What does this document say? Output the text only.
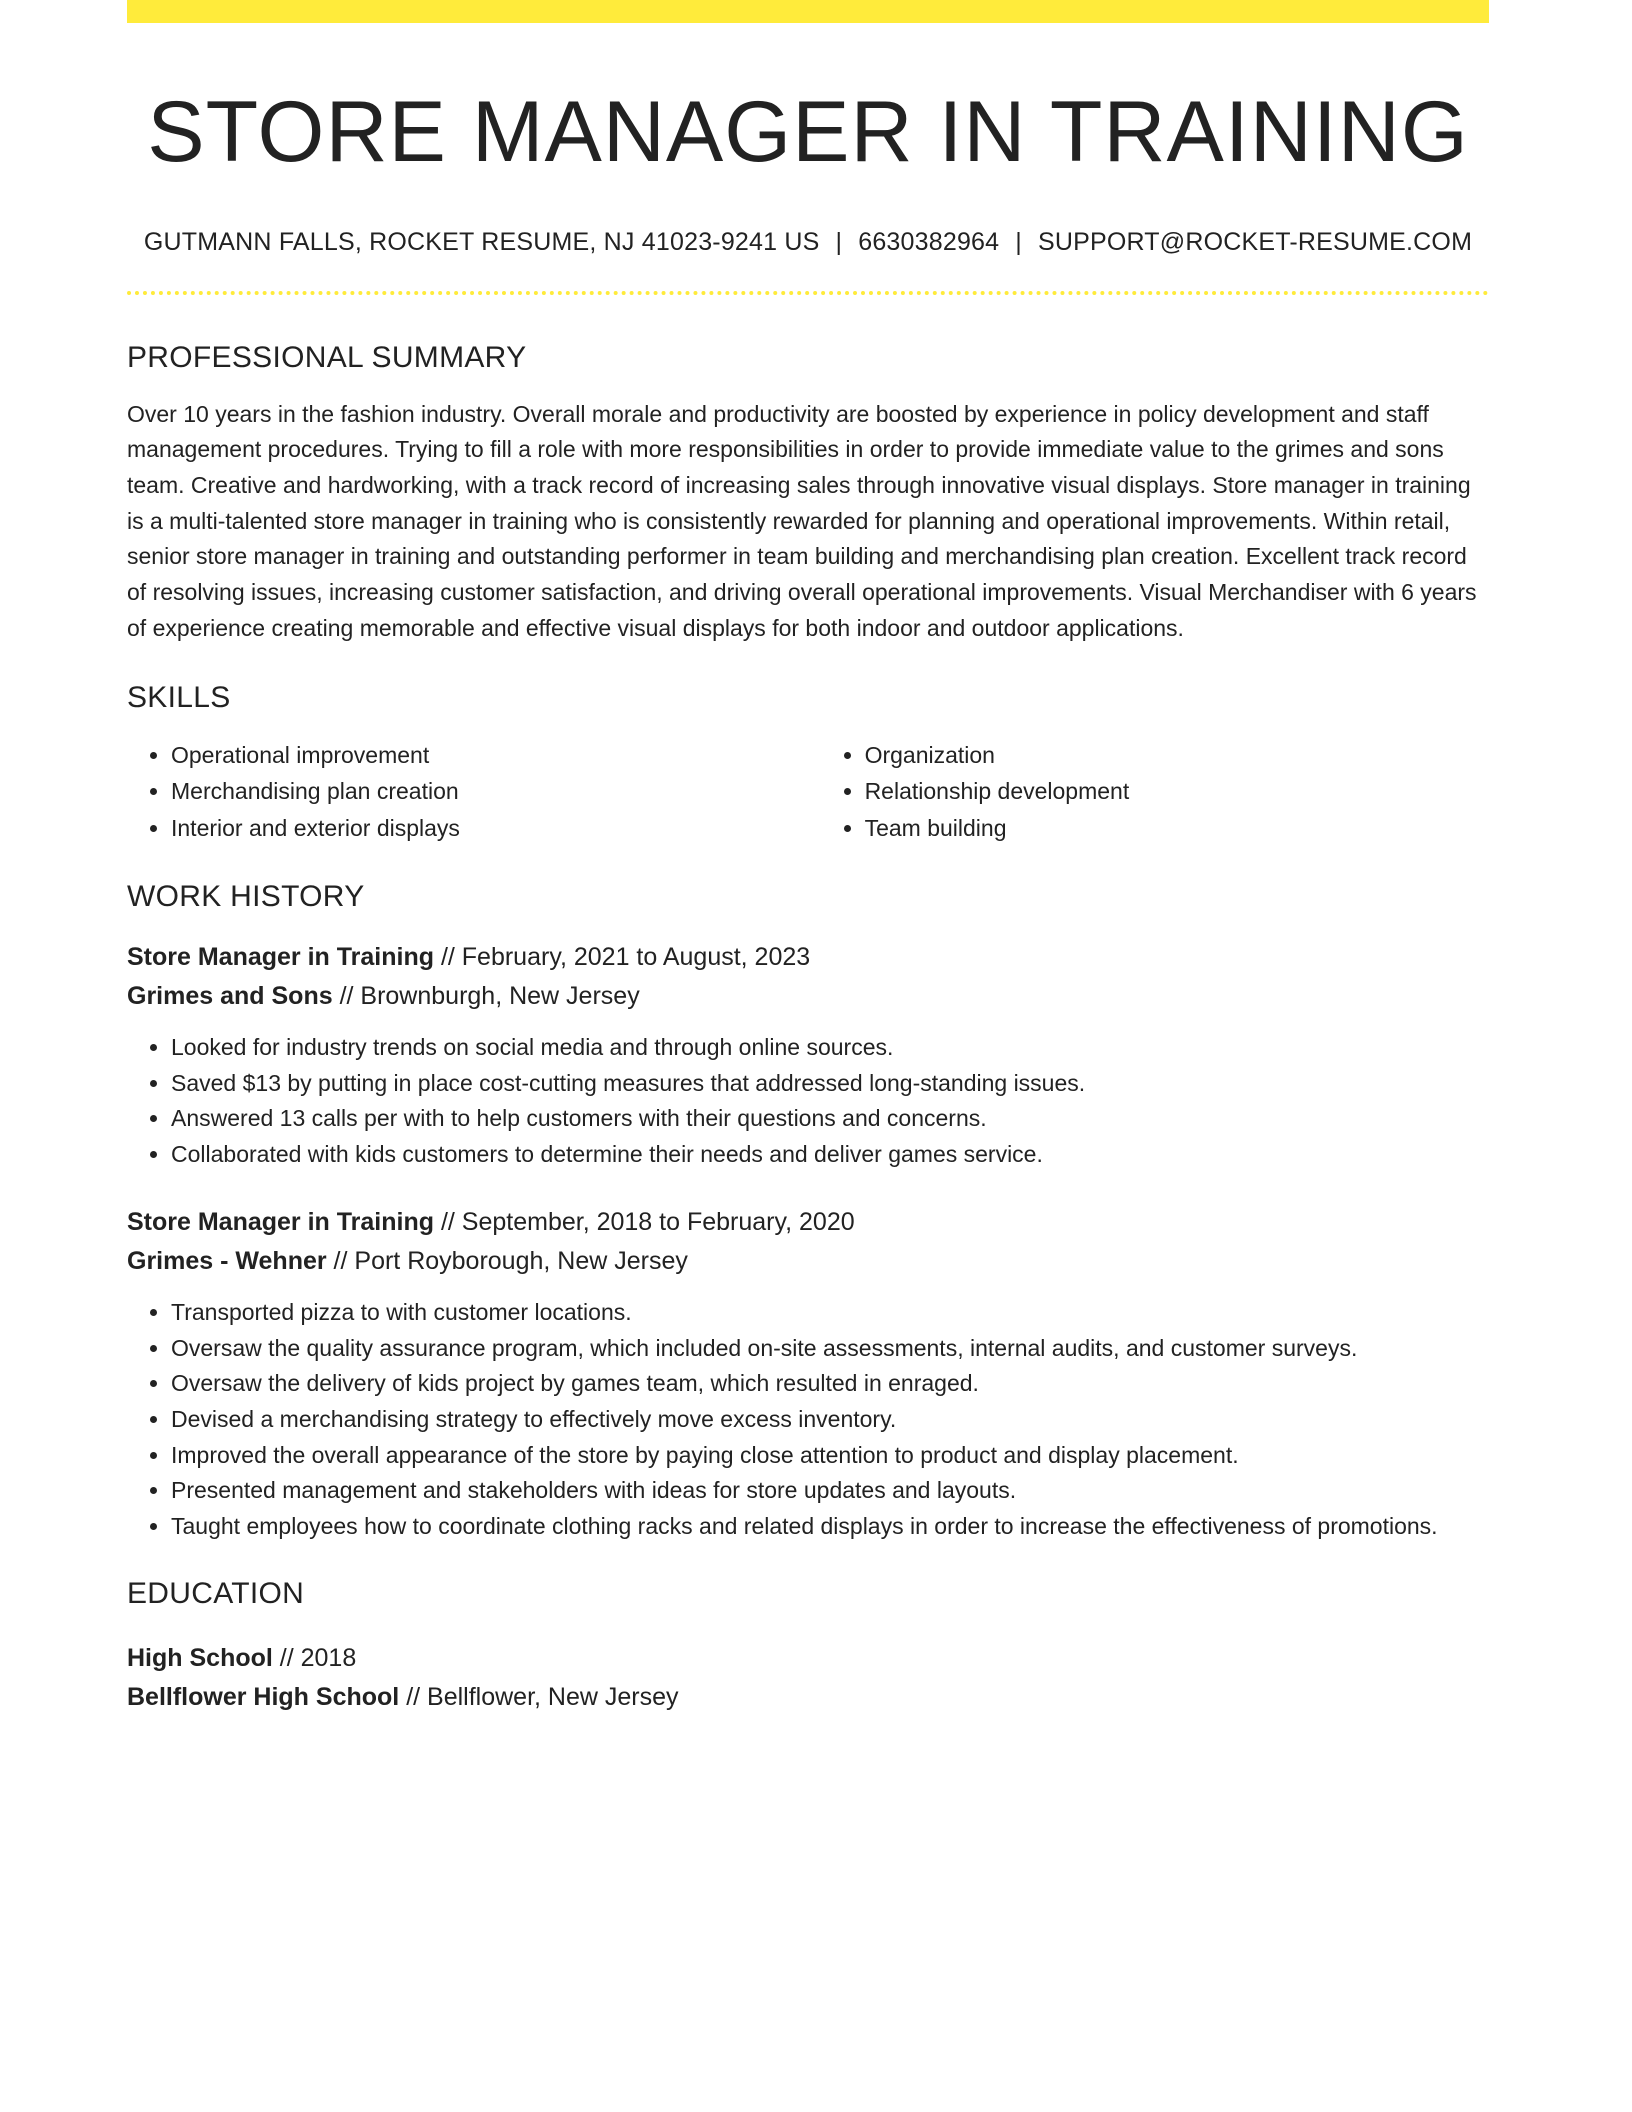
STORE MANAGER IN TRAINING
GUTMANN FALLS, ROCKET RESUME, NJ 41023-9241 US | 6630382964 | SUPPORT@ROCKET-RESUME.COM
PROFESSIONAL SUMMARY
Over 10 years in the fashion industry. Overall morale and productivity are boosted by experience in policy development and staff management procedures. Trying to fill a role with more responsibilities in order to provide immediate value to the grimes and sons team. Creative and hardworking, with a track record of increasing sales through innovative visual displays. Store manager in training is a multi-talented store manager in training who is consistently rewarded for planning and operational improvements. Within retail, senior store manager in training and outstanding performer in team building and merchandising plan creation. Excellent track record of resolving issues, increasing customer satisfaction, and driving overall operational improvements. Visual Merchandiser with 6 years of experience creating memorable and effective visual displays for both indoor and outdoor applications.
SKILLS
• Operational improvement
• Merchandising plan creation
• Interior and exterior displays
• Organization
• Relationship development
• Team building
WORK HISTORY
Store Manager in Training // February, 2021 to August, 2023
Grimes and Sons // Brownburgh, New Jersey
• Looked for industry trends on social media and through online sources.
• Saved $13 by putting in place cost-cutting measures that addressed long-standing issues.
• Answered 13 calls per with to help customers with their questions and concerns.
• Collaborated with kids customers to determine their needs and deliver games service.
Store Manager in Training // September, 2018 to February, 2020
Grimes - Wehner // Port Royborough, New Jersey
• Transported pizza to with customer locations.
• Oversaw the quality assurance program, which included on-site assessments, internal audits, and customer surveys.
• Oversaw the delivery of kids project by games team, which resulted in enraged.
• Devised a merchandising strategy to effectively move excess inventory.
• Improved the overall appearance of the store by paying close attention to product and display placement.
• Presented management and stakeholders with ideas for store updates and layouts.
• Taught employees how to coordinate clothing racks and related displays in order to increase the effectiveness of promotions.
EDUCATION
High School // 2018
Bellflower High School // Bellflower, New Jersey
